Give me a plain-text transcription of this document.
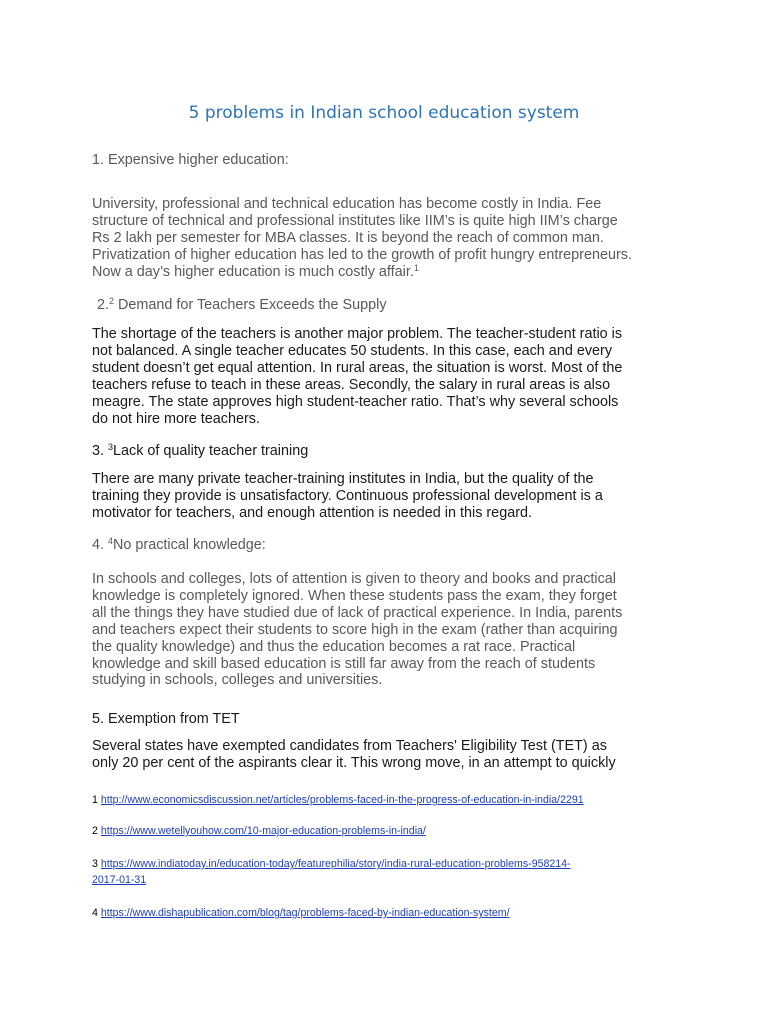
5 problems in Indian school education system
1. Expensive higher education:
University, professional and technical education has become costly in India. Fee
structure of technical and professional institutes like IIM’s is quite high IIM’s charge
Rs 2 lakh per semester for MBA classes. It is beyond the reach of common man.
Privatization of higher education has led to the growth of profit hungry entrepreneurs.
Now a day’s higher education is much costly affair.$^1$
2.$^2$ Demand for Teachers Exceeds the Supply
The shortage of the teachers is another major problem. The teacher-student ratio is
not balanced. A single teacher educates 50 students. In this case, each and every
student doesn’t get equal attention. In rural areas, the situation is worst. Most of the
teachers refuse to teach in these areas. Secondly, the salary in rural areas is also
meagre. The state approves high student-teacher ratio. That’s why several schools
do not hire more teachers.
3. $^3$Lack of quality teacher training
There are many private teacher-training institutes in India, but the quality of the
training they provide is unsatisfactory. Continuous professional development is a
motivator for teachers, and enough attention is needed in this regard.
4. $^4$No practical knowledge:
In schools and colleges, lots of attention is given to theory and books and practical
knowledge is completely ignored. When these students pass the exam, they forget
all the things they have studied due of lack of practical experience. In India, parents
and teachers expect their students to score high in the exam (rather than acquiring
the quality knowledge) and thus the education becomes a rat race. Practical
knowledge and skill based education is still far away from the reach of students
studying in schools, colleges and universities.
5. Exemption from TET
Several states have exempted candidates from Teachers' Eligibility Test (TET) as
only 20 per cent of the aspirants clear it. This wrong move, in an attempt to quickly
1 http://www.economicsdiscussion.net/articles/problems-faced-in-the-progress-of-education-in-india/2291
2 https://www.wetellyouhow.com/10-major-education-problems-in-india/
3 https://www.indiatoday.in/education-today/featurephilia/story/india-rural-education-problems-958214-
2017-01-31
4 https://www.dishapublication.com/blog/tag/problems-faced-by-indian-education-system/
